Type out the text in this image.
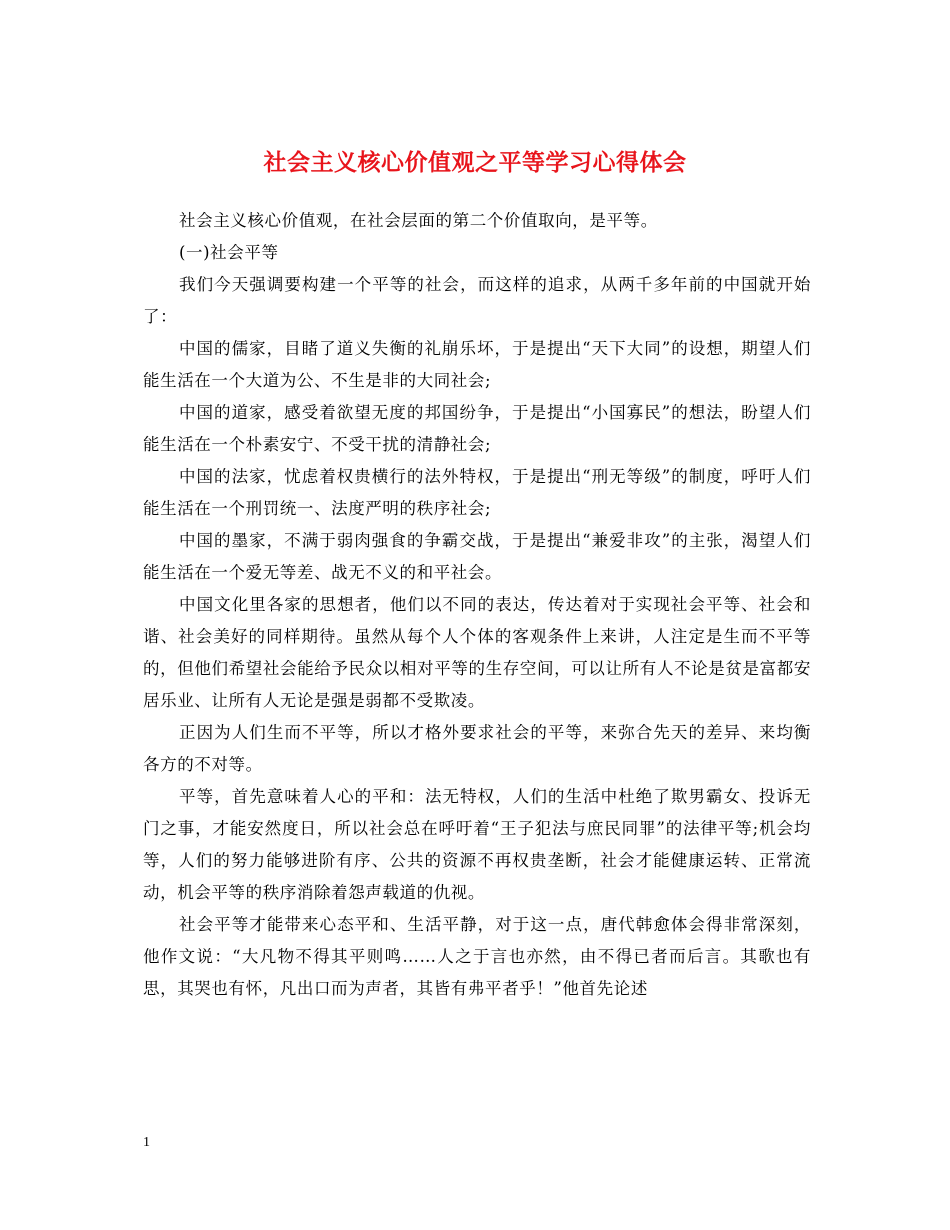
社会主义核心价值观之平等学习心得体会

社会主义核心价值观，在社会层面的第二个价值取向，是平等。

(一)社会平等

我们今天强调要构建一个平等的社会，而这样的追求，从两千多年前的中国就开始了：

中国的儒家，目睹了道义失衡的礼崩乐坏，于是提出“天下大同”的设想，期望人们能生活在一个大道为公、不生是非的大同社会;

中国的道家，感受着欲望无度的邦国纷争，于是提出“小国寡民”的想法，盼望人们能生活在一个朴素安宁、不受干扰的清静社会;

中国的法家，忧虑着权贵横行的法外特权，于是提出“刑无等级”的制度，呼吁人们能生活在一个刑罚统一、法度严明的秩序社会;

中国的墨家，不满于弱肉强食的争霸交战，于是提出“兼爱非攻”的主张，渴望人们能生活在一个爱无等差、战无不义的和平社会。

中国文化里各家的思想者，他们以不同的表达，传达着对于实现社会平等、社会和谐、社会美好的同样期待。虽然从每个人个体的客观条件上来讲，人注定是生而不平等的，但他们希望社会能给予民众以相对平等的生存空间，可以让所有人不论是贫是富都安居乐业、让所有人无论是强是弱都不受欺凌。

正因为人们生而不平等，所以才格外要求社会的平等，来弥合先天的差异、来均衡各方的不对等。

平等，首先意味着人心的平和：法无特权，人们的生活中杜绝了欺男霸女、投诉无门之事，才能安然度日，所以社会总在呼吁着“王子犯法与庶民同罪”的法律平等;机会均等，人们的努力能够进阶有序、公共的资源不再权贵垄断，社会才能健康运转、正常流动，机会平等的秩序消除着怨声载道的仇视。

社会平等才能带来心态平和、生活平静，对于这一点，唐代韩愈体会得非常深刻，他作文说：“大凡物不得其平则鸣……人之于言也亦然，由不得已者而后言。其歌也有思，其哭也有怀，凡出口而为声者，其皆有弗平者乎！”他首先论述

1
